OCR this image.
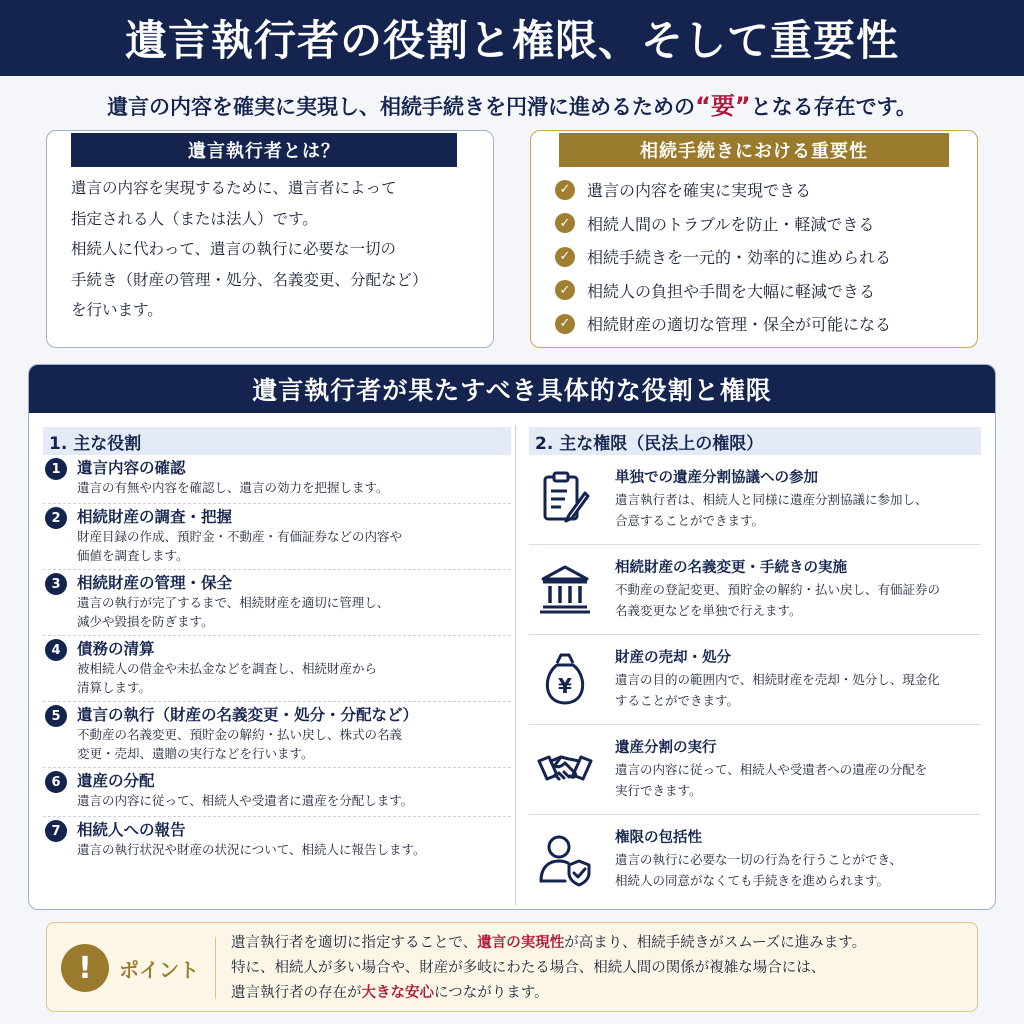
遺言執行者の役割と権限、そして重要性
遺言の内容を確実に実現し、相続手続きを円滑に進めるための“要”となる存在です。
遺言執行者とは？
遺言の内容を実現するために、遺言者によって
指定される人（または法人）です。
相続人に代わって、遺言の執行に必要な一切の
手続き（財産の管理・処分、名義変更、分配など）
を行います。
相続手続きにおける重要性
✓ 遺言の内容を確実に実現できる
✓ 相続人間のトラブルを防止・軽減できる
✓ 相続手続きを一元的・効率的に進められる
✓ 相続人の負担や手間を大幅に軽減できる
✓ 相続財産の適切な管理・保全が可能になる
遺言執行者が果たすべき具体的な役割と権限
1. 主な役割
1	遺言内容の確認
遺言の有無や内容を確認し、遺言の効力を把握します。
2	相続財産の調査・把握
財産目録の作成、預貯金・不動産・有価証券などの内容や
価値を調査します。
3	相続財産の管理・保全
遺言の執行が完了するまで、相続財産を適切に管理し、
減少や毀損を防ぎます。
4	債務の清算
被相続人の借金や未払金などを調査し、相続財産から
清算します。
5	遺言の執行（財産の名義変更・処分・分配など）
不動産の名義変更、預貯金の解約・払い戻し、株式の名義
変更・売却、遺贈の実行などを行います。
6	遺産の分配
遺言の内容に従って、相続人や受遺者に遺産を分配します。
7	相続人への報告
遺言の執行状況や財産の状況について、相続人に報告します。
2. 主な権限（民法上の権限）
単独での遺産分割協議への参加
遺言執行者は、相続人と同様に遺産分割協議に参加し、
合意することができます。
相続財産の名義変更・手続きの実施
不動産の登記変更、預貯金の解約・払い戻し、有価証券の
名義変更などを単独で行えます。
¥
財産の売却・処分
遺言の目的の範囲内で、相続財産を売却・処分し、現金化
することができます。
遺産分割の実行
遺言の内容に従って、相続人や受遺者への遺産の分配を
実行できます。
権限の包括性
遺言の執行に必要な一切の行為を行うことができ、
相続人の同意がなくても手続きを進められます。
!	ポイント
遺言執行者を適切に指定することで、遺言の実現性が高まり、相続手続きがスムーズに進みます。
特に、相続人が多い場合や、財産が多岐にわたる場合、相続人間の関係が複雑な場合には、
遺言執行者の存在が大きな安心につながります。
